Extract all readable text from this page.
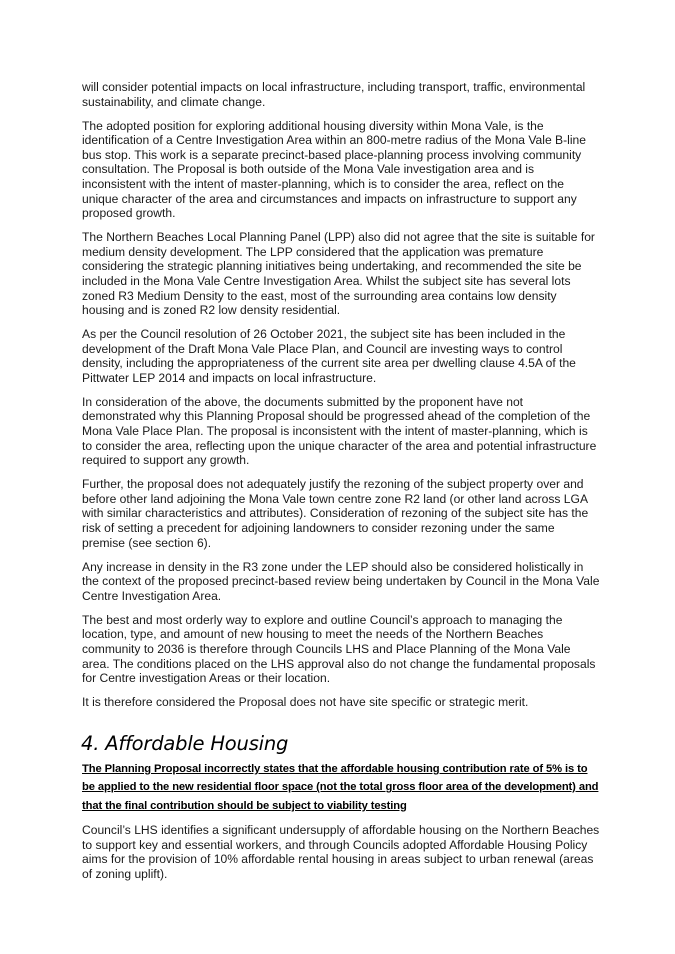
will consider potential impacts on local infrastructure, including transport, traffic, environmental sustainability, and climate change.

The adopted position for exploring additional housing diversity within Mona Vale, is the identification of a Centre Investigation Area within an 800-metre radius of the Mona Vale B-line bus stop. This work is a separate precinct-based place-planning process involving community consultation. The Proposal is both outside of the Mona Vale investigation area and is inconsistent with the intent of master-planning, which is to consider the area, reflect on the unique character of the area and circumstances and impacts on infrastructure to support any proposed growth.

The Northern Beaches Local Planning Panel (LPP) also did not agree that the site is suitable for medium density development. The LPP considered that the application was premature considering the strategic planning initiatives being undertaking, and recommended the site be included in the Mona Vale Centre Investigation Area. Whilst the subject site has several lots zoned R3 Medium Density to the east, most of the surrounding area contains low density housing and is zoned R2 low density residential.

As per the Council resolution of 26 October 2021, the subject site has been included in the development of the Draft Mona Vale Place Plan, and Council are investing ways to control density, including the appropriateness of the current site area per dwelling clause 4.5A of the Pittwater LEP 2014 and impacts on local infrastructure.

In consideration of the above, the documents submitted by the proponent have not demonstrated why this Planning Proposal should be progressed ahead of the completion of the Mona Vale Place Plan. The proposal is inconsistent with the intent of master-planning, which is to consider the area, reflecting upon the unique character of the area and potential infrastructure required to support any growth.

Further, the proposal does not adequately justify the rezoning of the subject property over and before other land adjoining the Mona Vale town centre zone R2 land (or other land across LGA with similar characteristics and attributes). Consideration of rezoning of the subject site has the risk of setting a precedent for adjoining landowners to consider rezoning under the same premise (see section 6).

Any increase in density in the R3 zone under the LEP should also be considered holistically in the context of the proposed precinct-based review being undertaken by Council in the Mona Vale Centre Investigation Area.

The best and most orderly way to explore and outline Council’s approach to managing the location, type, and amount of new housing to meet the needs of the Northern Beaches community to 2036 is therefore through Councils LHS and Place Planning of the Mona Vale area. The conditions placed on the LHS approval also do not change the fundamental proposals for Centre investigation Areas or their location.

It is therefore considered the Proposal does not have site specific or strategic merit.

4. Affordable Housing

The Planning Proposal incorrectly states that the affordable housing contribution rate of 5% is to be applied to the new residential floor space (not the total gross floor area of the development) and that the final contribution should be subject to viability testing

Council’s LHS identifies a significant undersupply of affordable housing on the Northern Beaches to support key and essential workers, and through Councils adopted Affordable Housing Policy aims for the provision of 10% affordable rental housing in areas subject to urban renewal (areas of zoning uplift).
